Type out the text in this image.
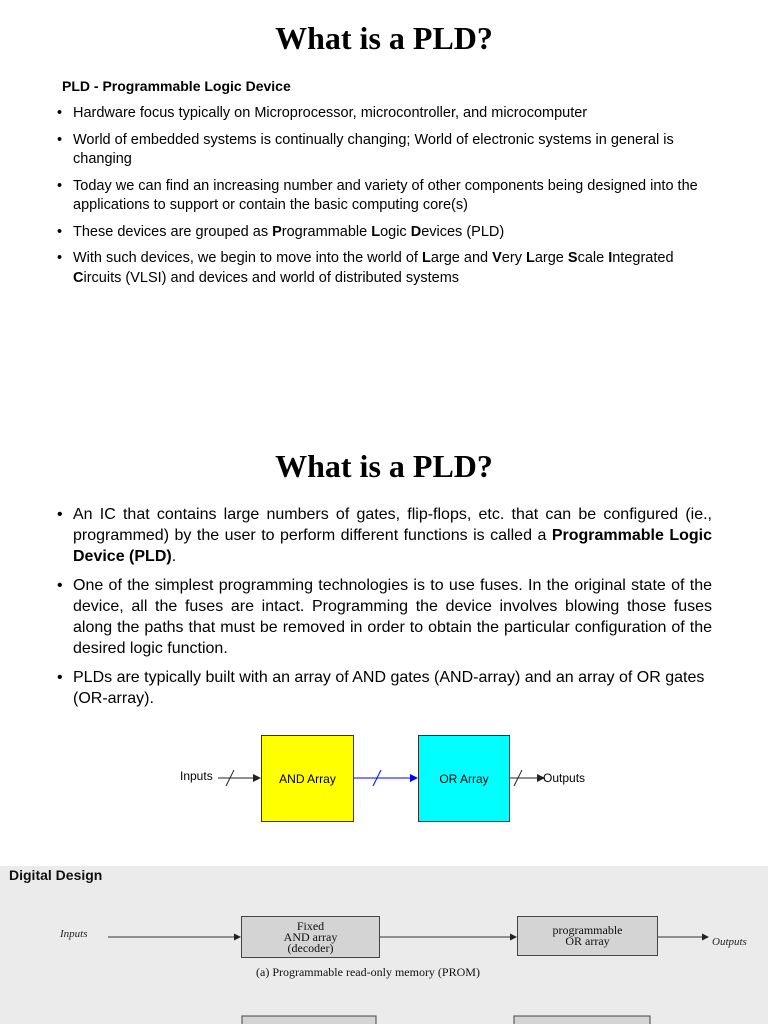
What is a PLD?
PLD - Programmable Logic Device
• Hardware focus typically on Microprocessor, microcontroller, and microcomputer
• World of embedded systems is continually changing; World of electronic systems in general is changing
• Today we can find an increasing number and variety of other components being designed into the applications to support or contain the basic computing core(s)
• These devices are grouped as Programmable Logic Devices (PLD)
• With such devices, we begin to move into the world of Large and Very Large Scale Integrated Circuits (VLSI) and devices and world of distributed systems
What is a PLD?
• An IC that contains large numbers of gates, flip-flops, etc. that can be configured (ie., programmed) by the user to perform different functions is called a Programmable Logic Device (PLD).
• One of the simplest programming technologies is to use fuses. In the original state of the device, all the fuses are intact. Programming the device involves blowing those fuses along the paths that must be removed in order to obtain the particular configuration of the desired logic function.
• PLDs are typically built with an array of AND gates (AND-array) and an array of OR gates (OR-array).
Inputs	AND Array	OR Array	Outputs
Digital Design
Inputs
Fixed
AND array
(decoder)
programmable
OR array	Outputs
(a) Programmable read-only memory (PROM)
